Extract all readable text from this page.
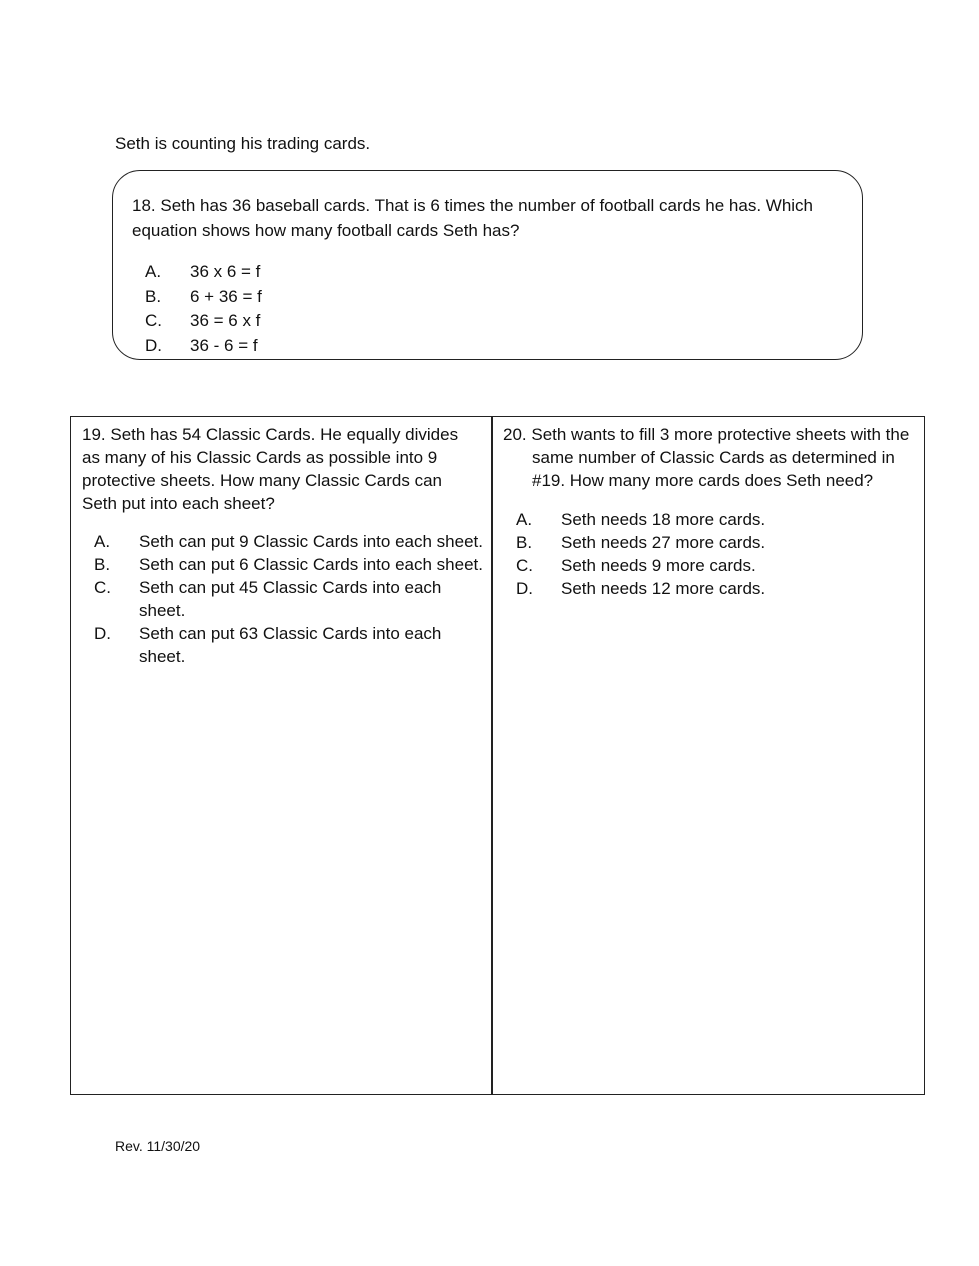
Seth is counting his trading cards.

18. Seth has 36 baseball cards. That is 6 times the number of football cards he has. Which equation shows how many football cards Seth has?

A.	36 x 6 = f
B.	6 + 36 = f
C.	36 = 6 x f
D.	36 - 6 = f

19. Seth has 54 Classic Cards. He equally divides as many of his Classic Cards as possible into 9 protective sheets. How many Classic Cards can Seth put into each sheet?

A.	Seth can put 9 Classic Cards into each sheet.
B.	Seth can put 6 Classic Cards into each sheet.
C.	Seth can put 45 Classic Cards into each sheet.
D.	Seth can put 63 Classic Cards into each sheet.

20. Seth wants to fill 3 more protective sheets with the same number of Classic Cards as determined in #19. How many more cards does Seth need?

A.	Seth needs 18 more cards.
B.	Seth needs 27 more cards.
C.	Seth needs 9 more cards.
D.	Seth needs 12 more cards.

Rev. 11/30/20
